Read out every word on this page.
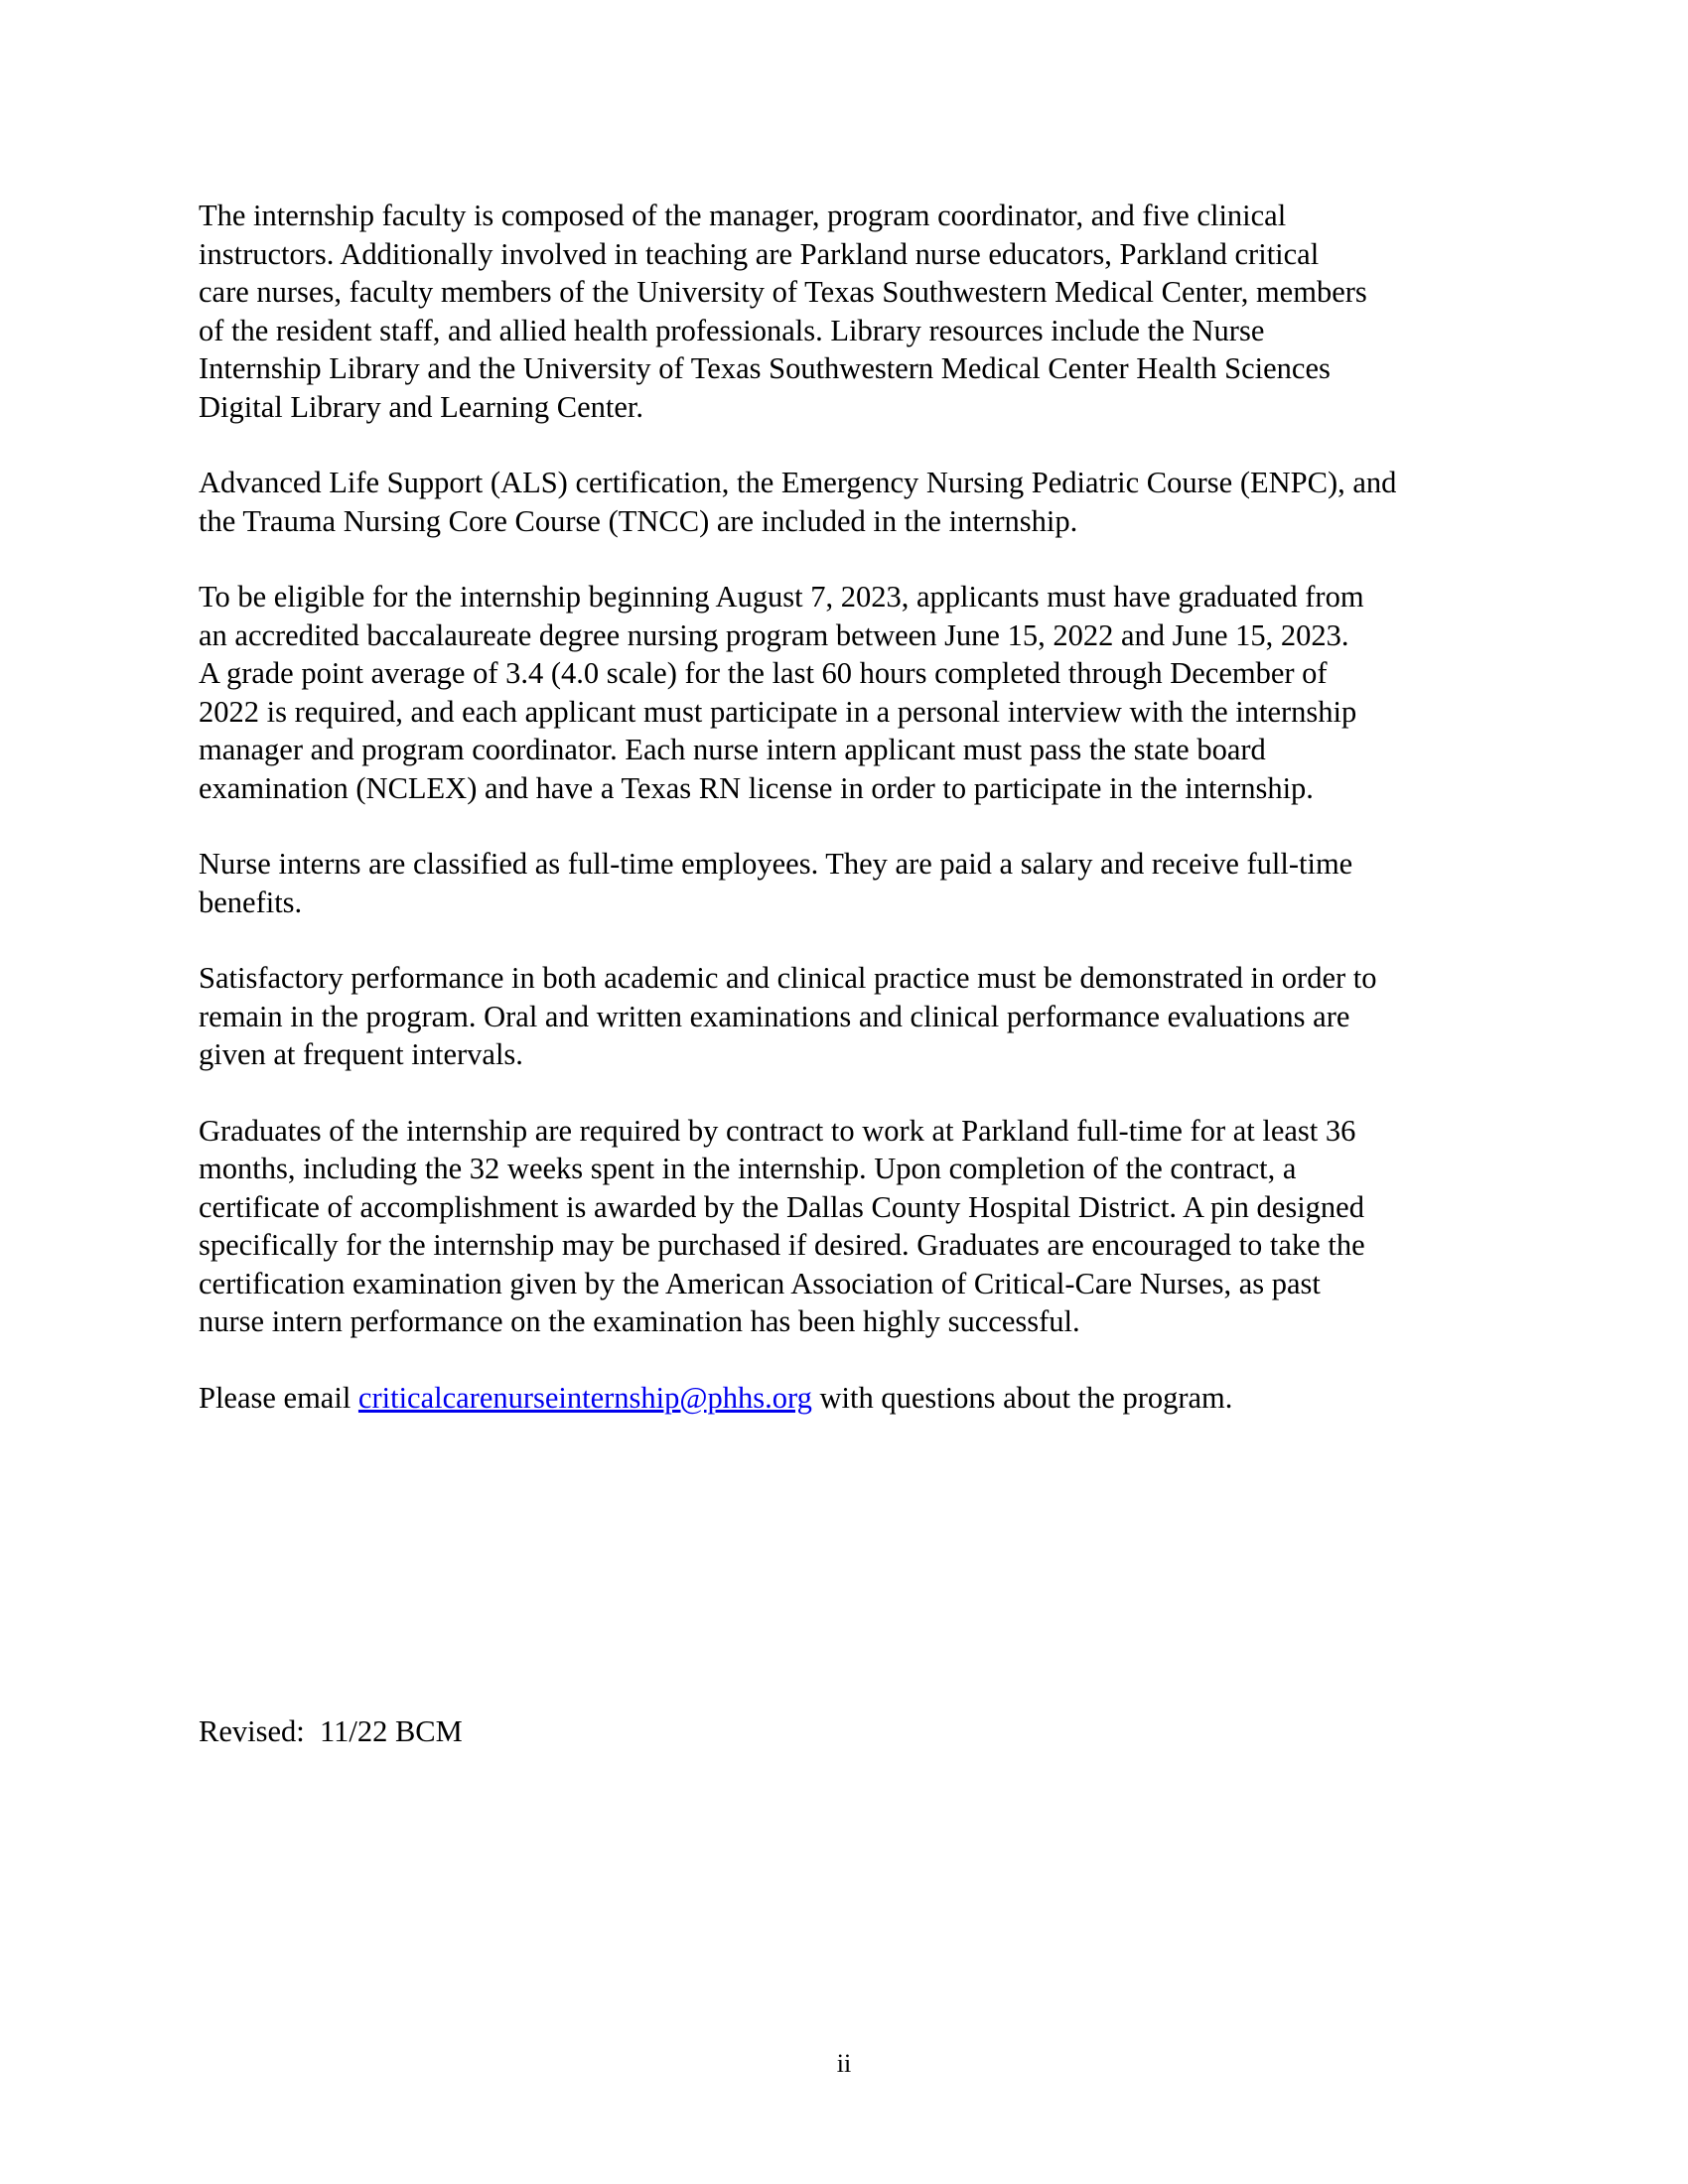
The internship faculty is composed of the manager, program coordinator, and five clinical
instructors. Additionally involved in teaching are Parkland nurse educators, Parkland critical
care nurses, faculty members of the University of Texas Southwestern Medical Center, members
of the resident staff, and allied health professionals. Library resources include the Nurse
Internship Library and the University of Texas Southwestern Medical Center Health Sciences
Digital Library and Learning Center.

Advanced Life Support (ALS) certification, the Emergency Nursing Pediatric Course (ENPC), and
the Trauma Nursing Core Course (TNCC) are included in the internship.

To be eligible for the internship beginning August 7, 2023, applicants must have graduated from
an accredited baccalaureate degree nursing program between June 15, 2022 and June 15, 2023.
A grade point average of 3.4 (4.0 scale) for the last 60 hours completed through December of
2022 is required, and each applicant must participate in a personal interview with the internship
manager and program coordinator. Each nurse intern applicant must pass the state board
examination (NCLEX) and have a Texas RN license in order to participate in the internship.

Nurse interns are classified as full-time employees. They are paid a salary and receive full-time
benefits.

Satisfactory performance in both academic and clinical practice must be demonstrated in order to
remain in the program. Oral and written examinations and clinical performance evaluations are
given at frequent intervals.

Graduates of the internship are required by contract to work at Parkland full-time for at least 36
months, including the 32 weeks spent in the internship. Upon completion of the contract, a
certificate of accomplishment is awarded by the Dallas County Hospital District. A pin designed
specifically for the internship may be purchased if desired. Graduates are encouraged to take the
certification examination given by the American Association of Critical-Care Nurses, as past
nurse intern performance on the examination has been highly successful.

Please email criticalcarenurseinternship@phhs.org with questions about the program.

Revised:  11/22 BCM

ii
